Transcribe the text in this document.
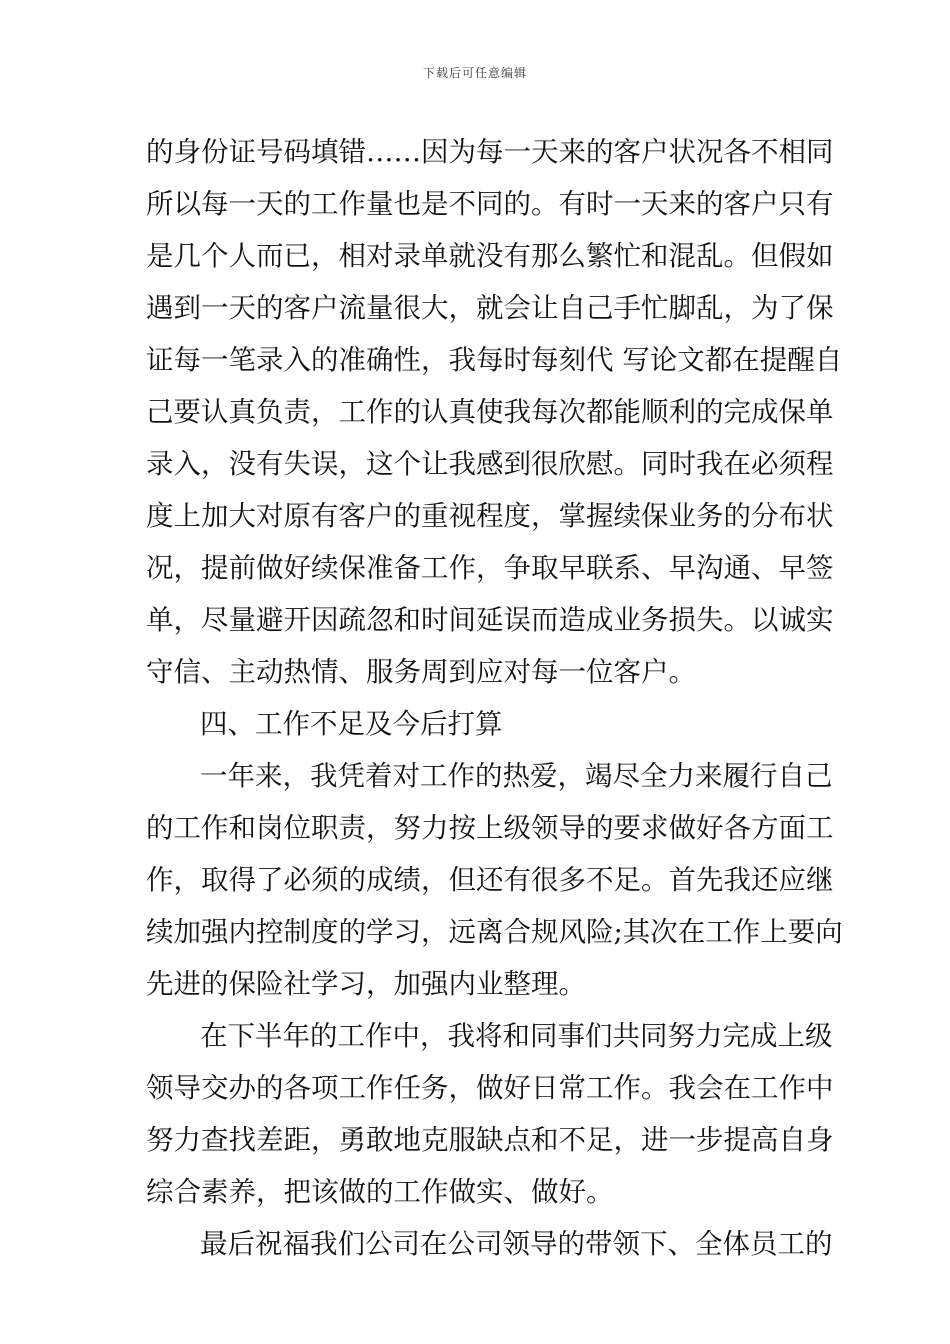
下载后可任意编辑
的身份证号码填错……因为每一天来的客户状况各不相同
所以每一天的工作量也是不同的。有时一天来的客户只有
是几个人而已，相对录单就没有那么繁忙和混乱。但假如
遇到一天的客户流量很大，就会让自己手忙脚乱，为了保
证每一笔录入的准确性，我每时每刻代 写论文都在提醒自
己要认真负责，工作的认真使我每次都能顺利的完成保单
录入，没有失误，这个让我感到很欣慰。同时我在必须程
度上加大对原有客户的重视程度，掌握续保业务的分布状
况，提前做好续保准备工作，争取早联系、早沟通、早签
单，尽量避开因疏忽和时间延误而造成业务损失。以诚实
守信、主动热情、服务周到应对每一位客户。
四、工作不足及今后打算
一年来，我凭着对工作的热爱，竭尽全力来履行自己
的工作和岗位职责，努力按上级领导的要求做好各方面工
作，取得了必须的成绩，但还有很多不足。首先我还应继
续加强内控制度的学习，远离合规风险;其次在工作上要向
先进的保险社学习，加强内业整理。
在下半年的工作中，我将和同事们共同努力完成上级
领导交办的各项工作任务，做好日常工作。我会在工作中
努力查找差距，勇敢地克服缺点和不足，进一步提高自身
综合素养，把该做的工作做实、做好。
最后祝福我们公司在公司领导的带领下、全体员工的
